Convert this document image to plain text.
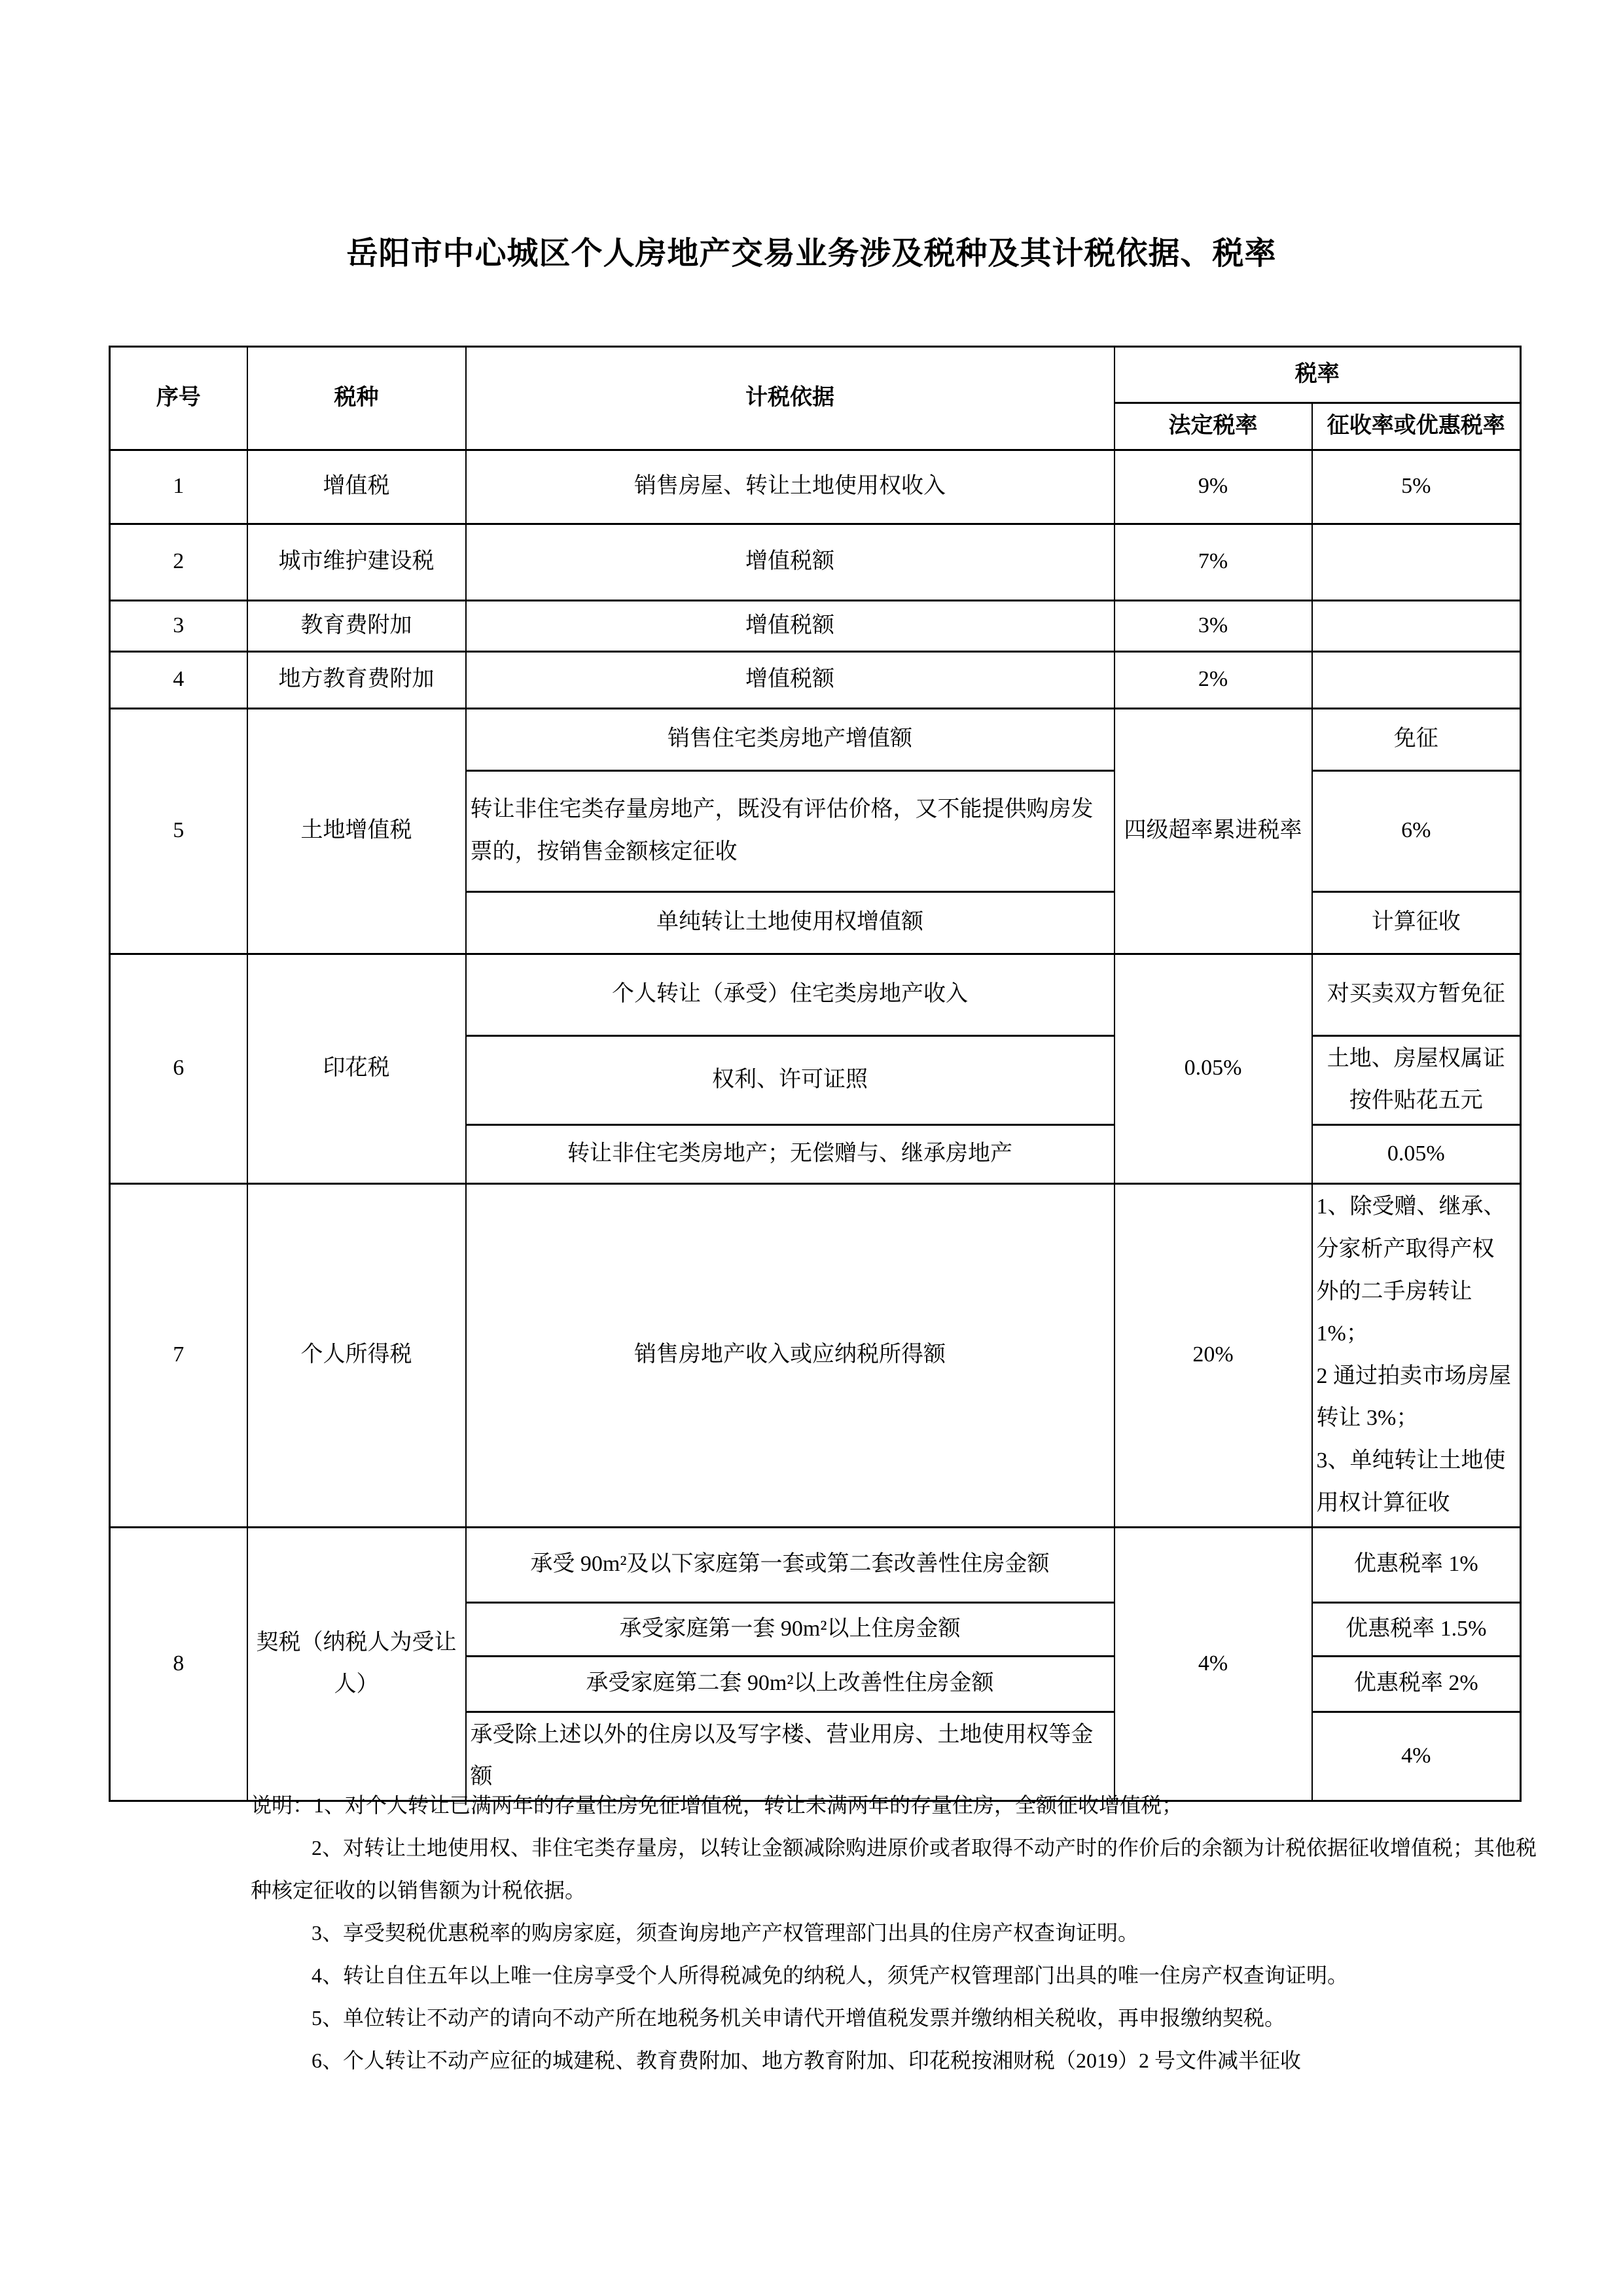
岳阳市中心城区个人房地产交易业务涉及税种及其计税依据、税率
序号	税种	计税依据	税率	
			法定税率	征收率或优惠税率
1	增值税	销售房屋、转让土地使用权收入	9%	5%
2	城市维护建设税	增值税额	7%	
3	教育费附加	增值税额	3%	
4	地方教育费附加	增值税额	2%	
5	土地增值税	销售住宅类房地产增值额	四级超率累进税率	免征
		转让非住宅类存量房地产，既没有评估价格，又不能提供购房发票的，按销售金额核定征收		6%
		单纯转让土地使用权增值额		计算征收
6	印花税	个人转让（承受）住宅类房地产收入	0.05%	对买卖双方暂免征
		权利、许可证照		土地、房屋权属证按件贴花五元
		转让非住宅类房地产；无偿赠与、继承房地产		0.05%
7	个人所得税	销售房地产收入或应纳税所得额	20%	1、除受赠、继承、分家析产取得产权外的二手房转让 1%；
2 通过拍卖市场房屋转让 3%；
3、单纯转让土地使用权计算征收

8	契税（纳税人为受让人）	承受 90m²及以下家庭第一套或第二套改善性住房金额	4%	优惠税率 1%
		承受家庭第一套 90m²以上住房金额		优惠税率 1.5%
		承受家庭第二套 90m²以上改善性住房金额		优惠税率 2%
		承受除上述以外的住房以及写字楼、营业用房、土地使用权等金额		4%

说明：1、对个人转让已满两年的存量住房免征增值税，转让未满两年的存量住房，全额征收增值税；

2、对转让土地使用权、非住宅类存量房，以转让金额减除购进原价或者取得不动产时的作价后的余额为计税依据征收增值税；其他税种核定征收的以销售额为计税依据。

3、享受契税优惠税率的购房家庭，须查询房地产产权管理部门出具的住房产权查询证明。

4、转让自住五年以上唯一住房享受个人所得税减免的纳税人，须凭产权管理部门出具的唯一住房产权查询证明。

5、单位转让不动产的请向不动产所在地税务机关申请代开增值税发票并缴纳相关税收，再申报缴纳契税。

6、个人转让不动产应征的城建税、教育费附加、地方教育附加、印花税按湘财税（2019）2 号文件减半征收
